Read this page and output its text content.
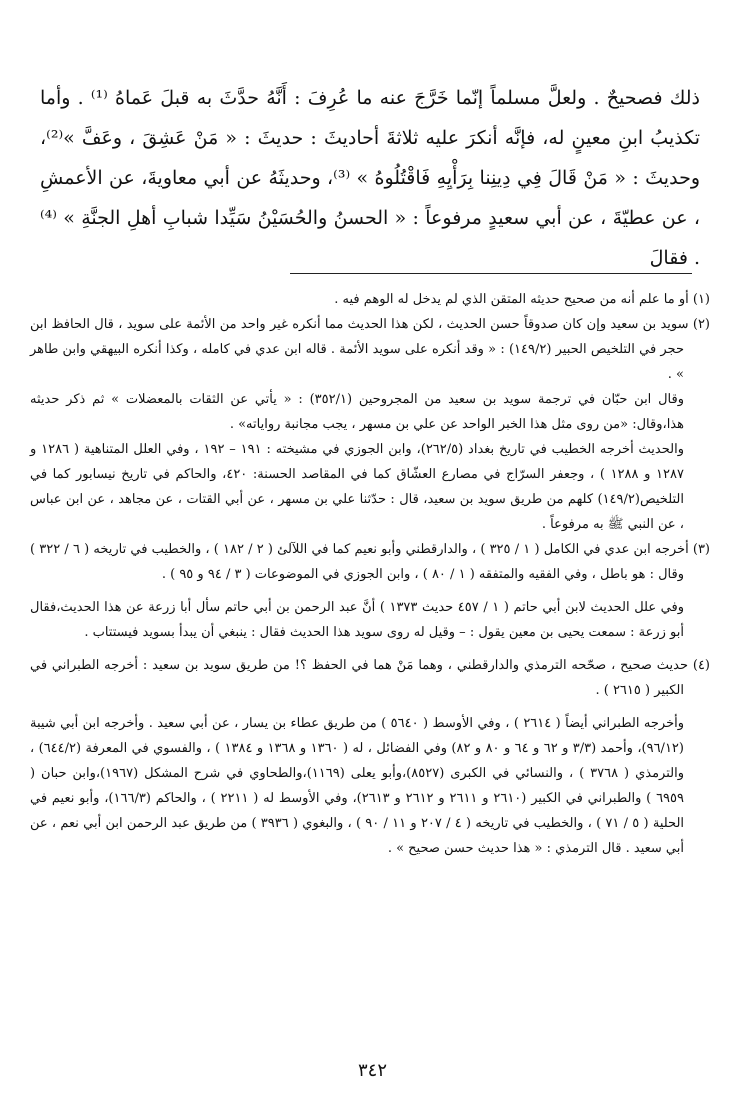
ذلك فصحيحٌ . ولعلَّ مسلماً إنّما خَرَّجَ عنه ما عُرِفَ : أَنَّهُ حدَّثَ به قبلَ عَماهُ ⁽¹⁾ . وأما تكذيبُ ابنِ معينٍ له، فإنَّه أنكرَ عليه ثلاثةَ أحاديثَ : حديثَ : « مَنْ عَشِقَ ، وعَفَّ »⁽²⁾، وحديثَ : « مَنْ قَالَ فِي دِينِنا بِرَأْيِهِ فَاقْتُلُوهُ » ⁽³⁾، وحديثَهُ عن أبي معاويةَ، عن الأعمشِ ، عن عطيّةَ ، عن أبي سعيدٍ مرفوعاً : « الحسنُ والحُسَيْنُ سَيِّدا شبابِ أهلِ الجنَّةِ » ⁽⁴⁾ . فقالَ

(١) أو ما علم أنه من صحيح حديثه المتقن الذي لم يدخل له الوهم فيه .

(٢) سويد بن سعيد وإن كان صدوقاً حسن الحديث ، لكن هذا الحديث مما أنكره غير واحد من الأئمة على سويد ، قال الحافظ ابن حجر في التلخيص الحبير (١٤٩/٢) : « وقد أنكره على سويد الأئمة . قاله ابن عدي في كامله ، وكذا أنكره البيهقي وابن طاهر » .

وقال ابن حبّان في ترجمة سويد بن سعيد من المجروحين (٣٥٢/١) : « يأتي عن الثقات بالمعضلات » ثم ذكر حديثه هذا،وقال: «من روى مثل هذا الخبر الواحد عن علي بن مسهر ، يجب مجانبة رواياته» .

والحديث أخرجه الخطيب في تاريخ بغداد (٢٦٢/٥)، وابن الجوزي في مشيخته : ١٩١ – ١٩٢ ، وفي العلل المتناهية ( ١٢٨٦ و ١٢٨٧ و ١٢٨٨ ) ، وجعفر السرّاج في مصارع العشّاق كما في المقاصد الحسنة: ٤٢٠، والحاكم في تاريخ نيسابور كما في التلخيص(١٤٩/٢) كلهم من طريق سويد بن سعيد، قال : حدّثنا علي بن مسهر ، عن أبي القتات ، عن مجاهد ، عن ابن عباس ، عن النبي ﷺ به مرفوعاً .

(٣) أخرجه ابن عدي في الكامل ( ١ / ٣٢٥ ) ، والدارقطني وأبو نعيم كما في اللآلئ ( ٢ / ١٨٢ ) ، والخطيب في تاريخه ( ٦ / ٣٢٢ ) وقال : هو باطل ، وفي الفقيه والمتفقه ( ١ / ٨٠ ) ، وابن الجوزي في الموضوعات ( ٣ / ٩٤ و ٩٥ ) .

وفي علل الحديث لابن أبي حاتم ( ١ / ٤٥٧ حديث ١٣٧٣ ) أنَّ عبد الرحمن بن أبي حاتم سأل أبا زرعة عن هذا الحديث،فقال أبو زرعة : سمعت يحيى بن معين يقول : – وقيل له روى سويد هذا الحديث فقال : ينبغي أن يبدأ بسويد فيستتاب .

(٤) حديث صحيح ، صحّحه الترمذي والدارقطني ، وهما مَنْ هما في الحفظ ؟! من طريق سويد بن سعيد : أخرجه الطبراني في الكبير ( ٢٦١٥ ) .

وأخرجه الطبراني أيضاً ( ٢٦١٤ ) ، وفي الأوسط ( ٥٦٤٠ ) من طريق عطاء بن يسار ، عن أبي سعيد . وأخرجه ابن أبي شيبة (٩٦/١٢)، وأحمد (٣/٣ و ٦٢ و ٦٤ و ٨٠ و ٨٢) وفي الفضائل ، له ( ١٣٦٠ و ١٣٦٨ و ١٣٨٤ ) ، والفسوي في المعرفة (٦٤٤/٢) ، والترمذي ( ٣٧٦٨ ) ، والنسائي في الكبرى (٨٥٢٧)،وأبو يعلى (١١٦٩)،والطحاوي في شرح المشكل (١٩٦٧)،وابن حبان ( ٦٩٥٩ ) والطبراني في الكبير (٢٦١٠ و ٢٦١١ و ٢٦١٢ و ٢٦١٣)، وفي الأوسط له ( ٢٢١١ ) ، والحاكم (١٦٦/٣)، وأبو نعيم في الحلية ( ٥ / ٧١ ) ، والخطيب في تاريخه ( ٤ / ٢٠٧ و ١١ / ٩٠ ) ، والبغوي ( ٣٩٣٦ ) من طريق عبد الرحمن ابن أبي نعم ، عن أبي سعيد . قال الترمذي : « هذا حديث حسن صحيح » .

٣٤٢
